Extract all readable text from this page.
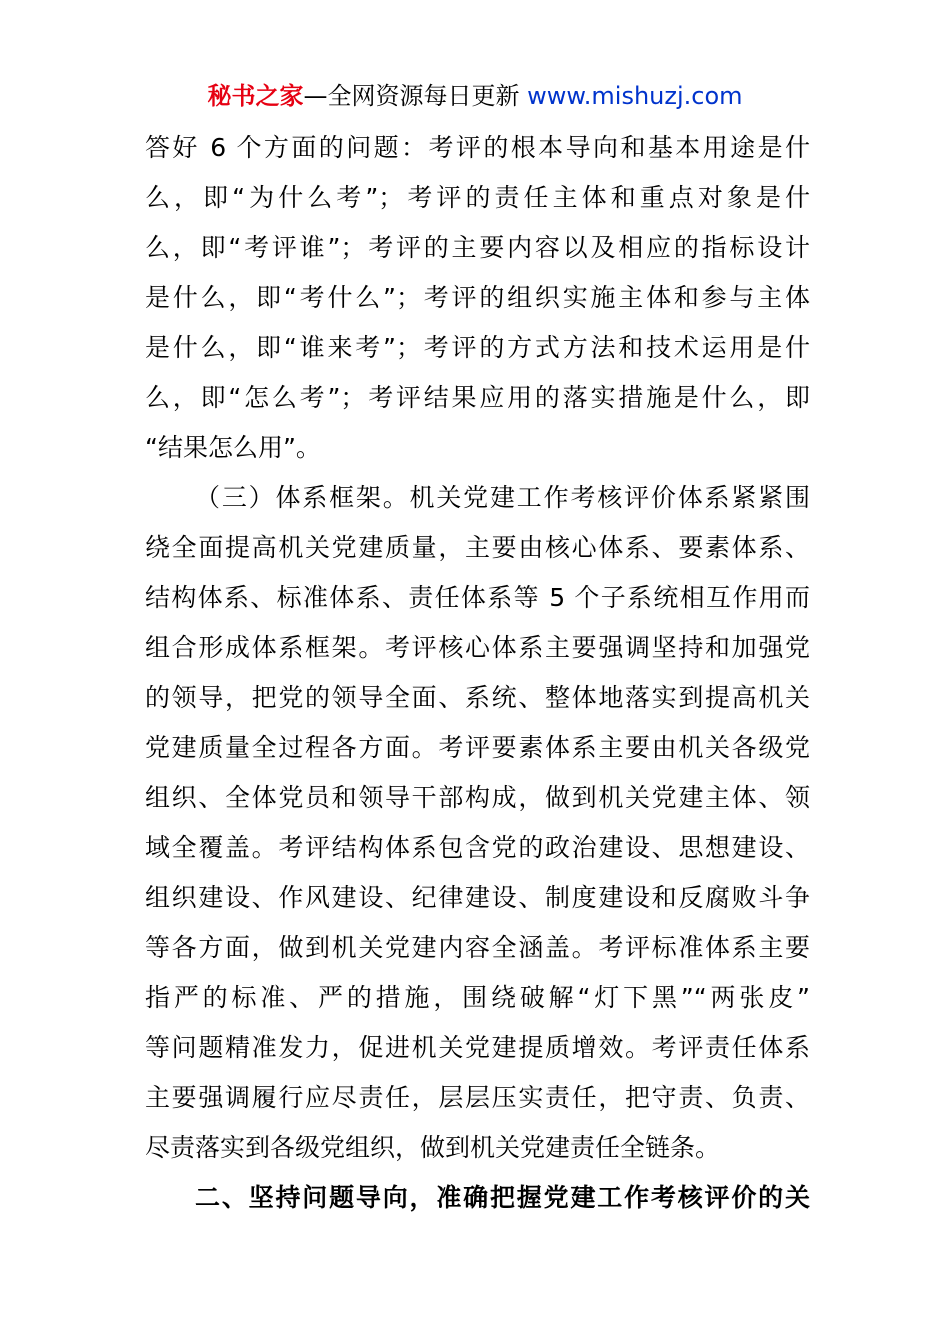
秘书之家—全网资源每日更新 www.mishuzj.com
答好 6 个方面的问题：考评的根本导向和基本用途是什
么，即“为什么考”；考评的责任主体和重点对象是什
么，即“考评谁”；考评的主要内容以及相应的指标设计
是什么，即“考什么”；考评的组织实施主体和参与主体
是什么，即“谁来考”；考评的方式方法和技术运用是什
么，即“怎么考”；考评结果应用的落实措施是什么，即
“结果怎么用”。
（三）体系框架。机关党建工作考核评价体系紧紧围
绕全面提高机关党建质量，主要由核心体系、要素体系、
结构体系、标准体系、责任体系等 5 个子系统相互作用而
组合形成体系框架。考评核心体系主要强调坚持和加强党
的领导，把党的领导全面、系统、整体地落实到提高机关
党建质量全过程各方面。考评要素体系主要由机关各级党
组织、全体党员和领导干部构成，做到机关党建主体、领
域全覆盖。考评结构体系包含党的政治建设、思想建设、
组织建设、作风建设、纪律建设、制度建设和反腐败斗争
等各方面，做到机关党建内容全涵盖。考评标准体系主要
指严的标准、严的措施，围绕破解“灯下黑”“两张皮”
等问题精准发力，促进机关党建提质增效。考评责任体系
主要强调履行应尽责任，层层压实责任，把守责、负责、
尽责落实到各级党组织，做到机关党建责任全链条。
二、坚持问题导向，准确把握党建工作考核评价的关
